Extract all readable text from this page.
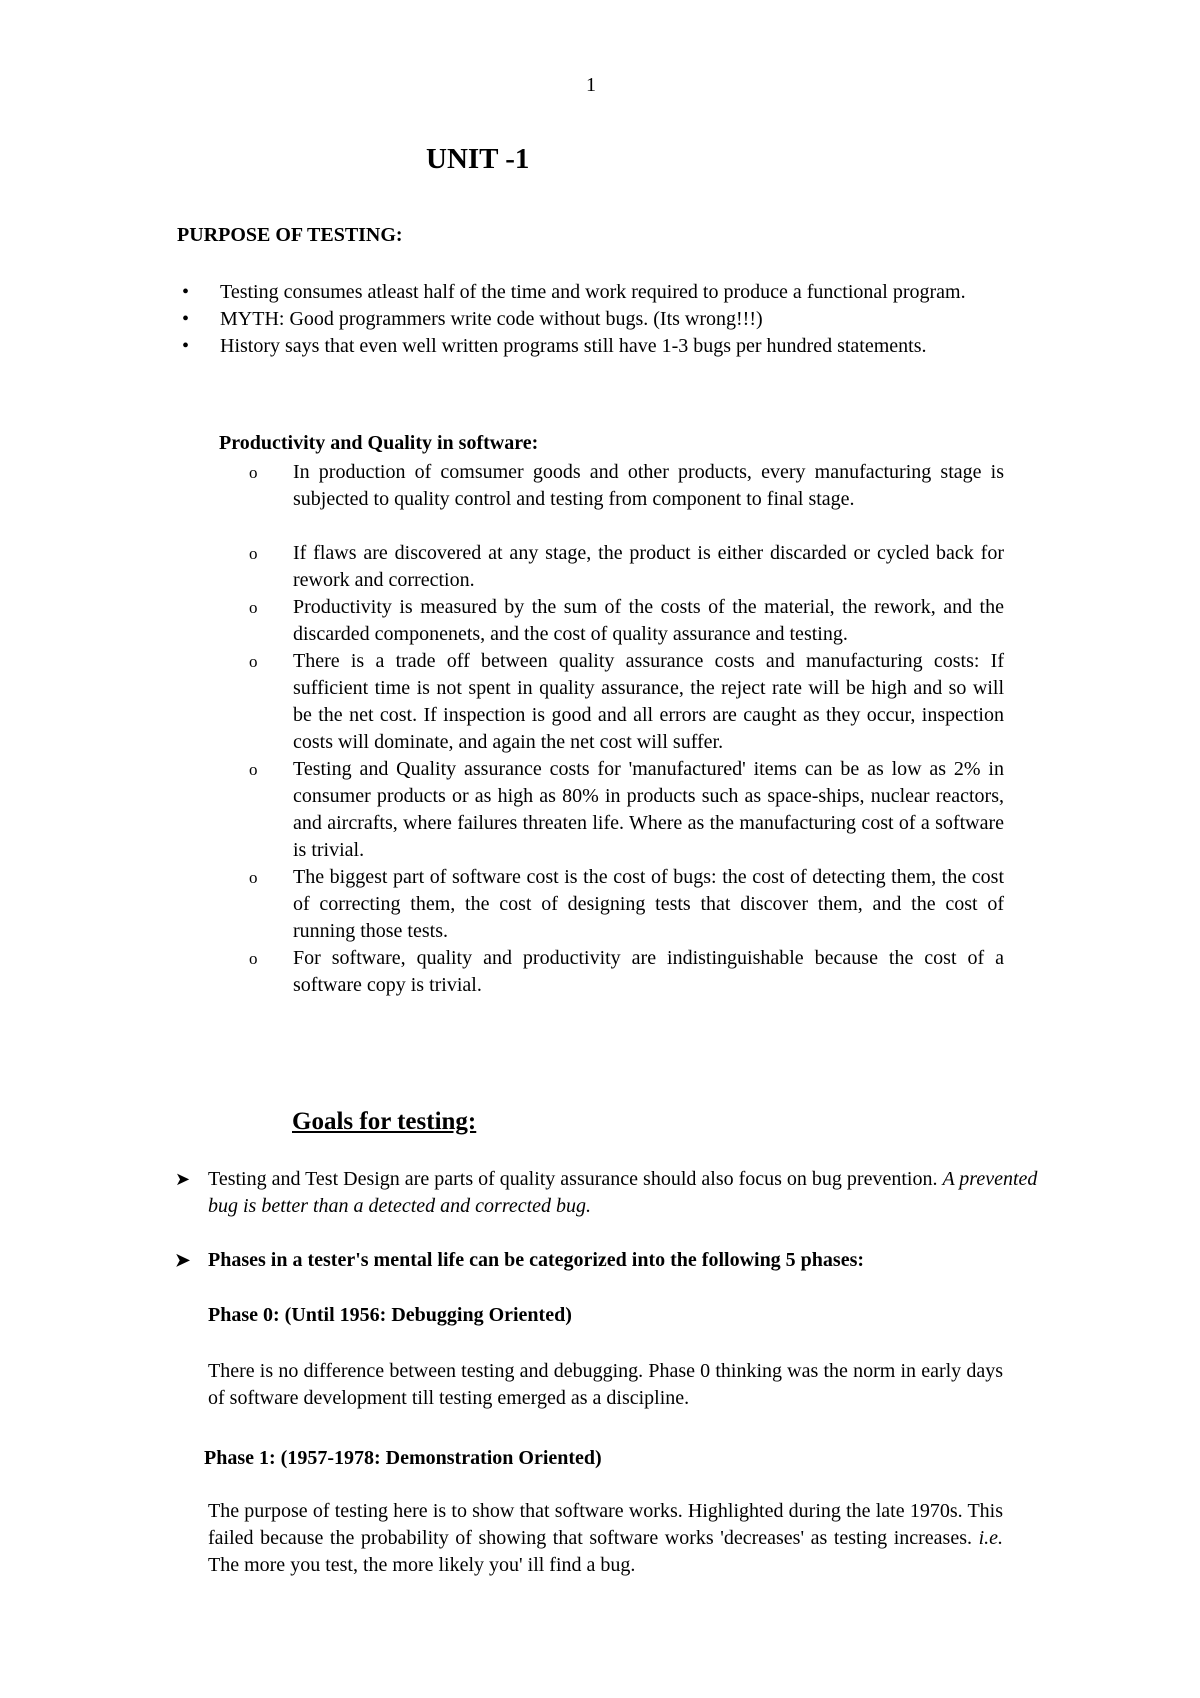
1
UNIT -1
PURPOSE OF TESTING:
• Testing consumes atleast half of the time and work required to produce a functional program.
• MYTH: Good programmers write code without bugs. (Its wrong!!!)
• History says that even well written programs still have 1-3 bugs per hundred statements.
Productivity and Quality in software:
o In production of comsumer goods and other products, every manufacturing stage is subjected to quality control and testing from component to final stage.
o If flaws are discovered at any stage, the product is either discarded or cycled back for rework and correction.
o Productivity is measured by the sum of the costs of the material, the rework, and the discarded componenets, and the cost of quality assurance and testing.
o There is a trade off between quality assurance costs and manufacturing costs: If sufficient time is not spent in quality assurance, the reject rate will be high and so will be the net cost. If inspection is good and all errors are caught as they occur, inspection costs will dominate, and again the net cost will suffer.
o Testing and Quality assurance costs for 'manufactured' items can be as low as 2% in consumer products or as high as 80% in products such as space-ships, nuclear reactors, and aircrafts, where failures threaten life. Where as the manufacturing cost of a software is trivial.
o The biggest part of software cost is the cost of bugs: the cost of detecting them, the cost of correcting them, the cost of designing tests that discover them, and the cost of running those tests.
o For software, quality and productivity are indistinguishable because the cost of a software copy is trivial.
Goals for testing:

➤ Testing and Test Design are parts of quality assurance should also focus on bug prevention. A prevented bug is better than a detected and corrected bug.

➤ Phases in a tester's mental life can be categorized into the following 5 phases:

Phase 0: (Until 1956: Debugging Oriented)

There is no difference between testing and debugging. Phase 0 thinking was the norm in early days of software development till testing emerged as a discipline.

Phase 1: (1957-1978: Demonstration Oriented)

The purpose of testing here is to show that software works. Highlighted during the late 1970s. This failed because the probability of showing that software works 'decreases' as testing increases. i.e. The more you test, the more likely you' ill find a bug.
